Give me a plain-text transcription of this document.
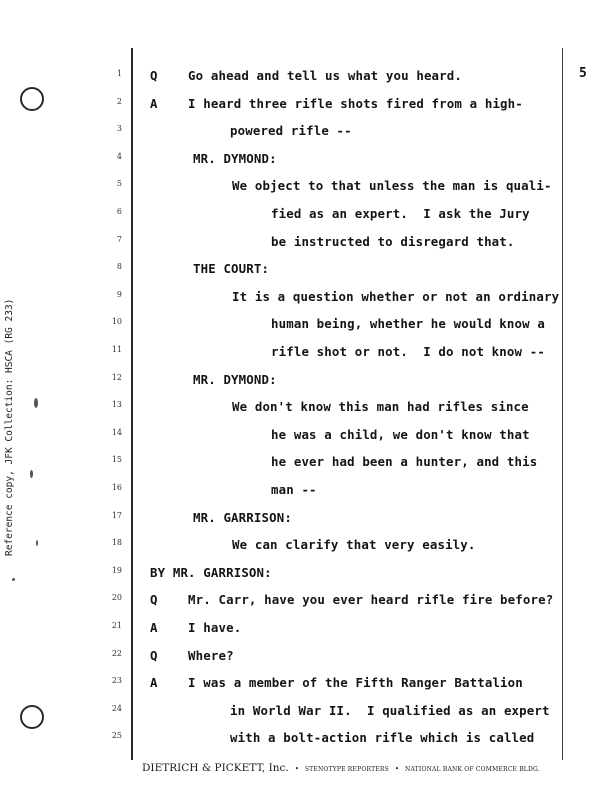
5
Reference copy, JFK Collection: HSCA (RG 233)
1 Q    Go ahead and tell us what you heard.
2 A    I heard three rifle shots fired from a high-
3	powered rifle --
4	MR. DYMOND:
5	We object to that unless the man is quali-
6	fied as an expert.  I ask the Jury
7	be instructed to disregard that.
8	THE COURT:
9	It is a question whether or not an ordinary
10	human being, whether he would know a
11	rifle shot or not.  I do not know --
12	MR. DYMOND:
13	We don't know this man had rifles since
14	he was a child, we don't know that
15	he ever had been a hunter, and this
16	man --
17	MR. GARRISON:
18	We can clarify that very easily.
19 BY MR. GARRISON:
20 Q    Mr. Carr, have you ever heard rifle fire before?
21 A    I have.
22 Q    Where?
23 A    I was a member of the Fifth Ranger Battalion
24	in World War II.  I qualified as an expert
25	with a bolt-action rifle which is called
DIETRICH & PICKETT, Inc. • STENOTYPE REPORTERS • NATIONAL BANK OF COMMERCE BLDG.
